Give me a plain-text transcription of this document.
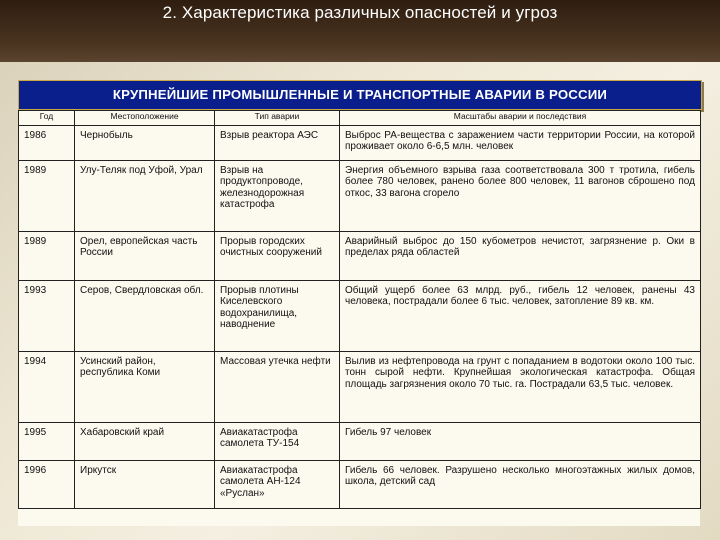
2. Характеристика различных опасностей и угроз
КРУПНЕЙШИЕ ПРОМЫШЛЕННЫЕ И ТРАНСПОРТНЫЕ АВАРИИ В РОССИИ
Год	Местоположение	Тип аварии	Масштабы аварии и последствия
1986	Чернобыль	Взрыв реактора АЭС	Выброс РА-вещества с заражением части территории России, на которой проживает около 6-6,5 млн. человек
1989	Улу-Теляк под Уфой, Урал	Взрыв на продуктопроводе, железнодорожная катастрофа	Энергия объемного взрыва газа соответствовала 300 т тротила, гибель более 780 человек, ранено более 800 человек, 11 вагонов сброшено под откос, 33 вагона сгорело
1989	Орел, европейская часть России	Прорыв городских очистных сооружений	Аварийный выброс до 150 кубометров нечистот, загрязнение р. Оки в пределах ряда областей
1993	Серов, Свердловская обл.	Прорыв плотины Киселевского водохранилища, наводнение	Общий ущерб более 63 млрд. руб., гибель 12 человек, ранены 43 человека, пострадали более 6 тыс. человек, затопление 89 кв. км.
1994	Усинский район, республика Коми	Массовая утечка нефти	Вылив из нефтепровода на грунт с попаданием в водотоки около 100 тыс. тонн сырой нефти. Крупнейшая экологическая катастрофа. Общая площадь загрязнения около 70 тыс. га. Пострадали 63,5 тыс. человек.
1995	Хабаровский край	Авиакатастрофа самолета ТУ-154	Гибель 97 человек
1996	Иркутск	Авиакатастрофа самолета АН-124 «Руслан»	Гибель 66 человек. Разрушено несколько многоэтажных жилых домов, школа, детский сад
